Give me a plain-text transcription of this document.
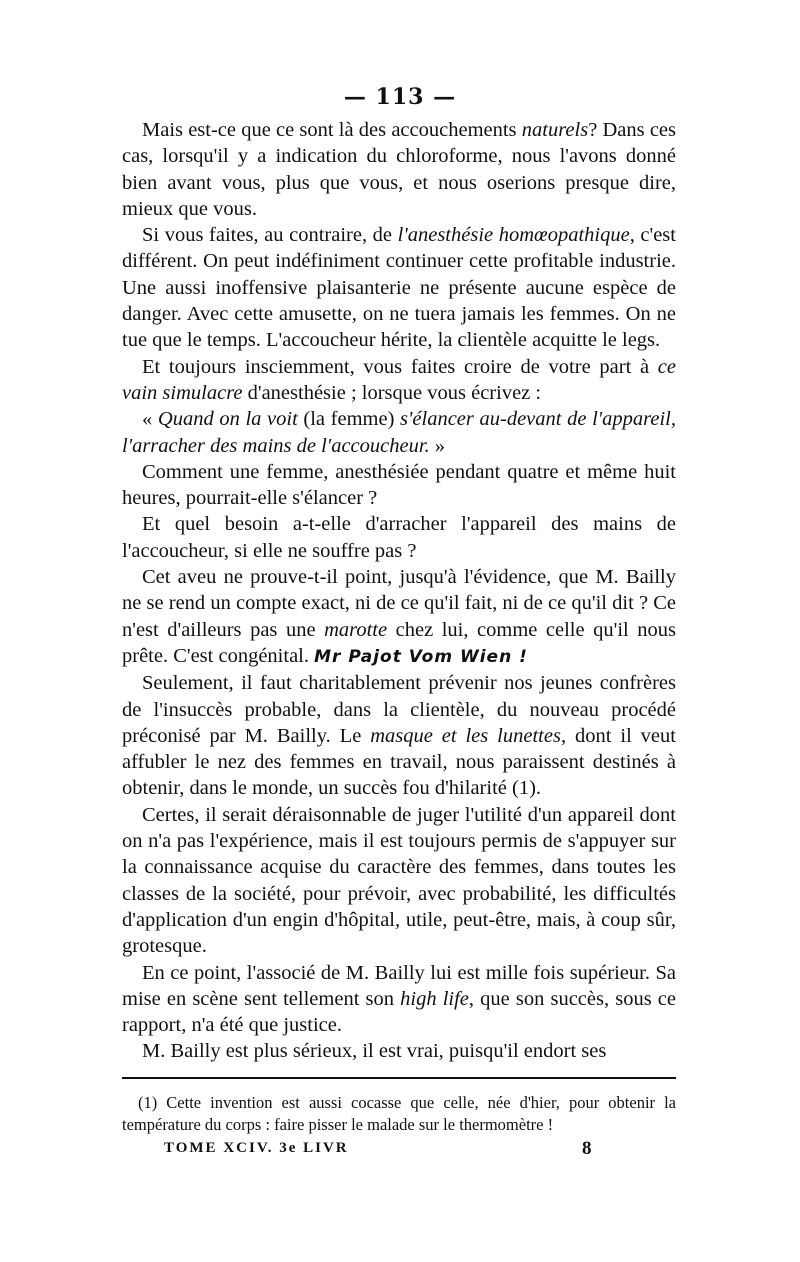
— 113 —

Mais est-ce que ce sont là des accouchements naturels? Dans ces cas, lorsqu'il y a indication du chloroforme, nous l'avons donné bien avant vous, plus que vous, et nous oserions presque dire, mieux que vous.

Si vous faites, au contraire, de l'anesthésie homœopathique, c'est différent. On peut indéfiniment continuer cette profitable industrie. Une aussi inoffensive plaisanterie ne présente aucune espèce de danger. Avec cette amusette, on ne tuera jamais les femmes. On ne tue que le temps. L'accoucheur hérite, la clientèle acquitte le legs.

Et toujours insciemment, vous faites croire de votre part à ce vain simulacre d'anesthésie ; lorsque vous écrivez :

« Quand on la voit (la femme) s'élancer au-devant de l'appareil, l'arracher des mains de l'accoucheur. »

Comment une femme, anesthésiée pendant quatre et même huit heures, pourrait-elle s'élancer ?

Et quel besoin a-t-elle d'arracher l'appareil des mains de l'accoucheur, si elle ne souffre pas ?

Cet aveu ne prouve-t-il point, jusqu'à l'évidence, que M. Bailly ne se rend un compte exact, ni de ce qu'il fait, ni de ce qu'il dit ? Ce n'est d'ailleurs pas une marotte chez lui, comme celle qu'il nous prête. C'est congénital. Mr Pajot Vom Wien !

Seulement, il faut charitablement prévenir nos jeunes confrères de l'insuccès probable, dans la clientèle, du nouveau procédé préconisé par M. Bailly. Le masque et les lunettes, dont il veut affubler le nez des femmes en travail, nous paraissent destinés à obtenir, dans le monde, un succès fou d'hilarité (1).

Certes, il serait déraisonnable de juger l'utilité d'un appareil dont on n'a pas l'expérience, mais il est toujours permis de s'appuyer sur la connaissance acquise du caractère des femmes, dans toutes les classes de la société, pour prévoir, avec probabilité, les difficultés d'application d'un engin d'hôpital, utile, peut-être, mais, à coup sûr, grotesque.

En ce point, l'associé de M. Bailly lui est mille fois supérieur. Sa mise en scène sent tellement son high life, que son succès, sous ce rapport, n'a été que justice.

M. Bailly est plus sérieux, il est vrai, puisqu'il endort ses

(1) Cette invention est aussi cocasse que celle, née d'hier, pour obtenir la température du corps : faire pisser le malade sur le thermomètre !

TOME XCIV. 3e LIVR	8
